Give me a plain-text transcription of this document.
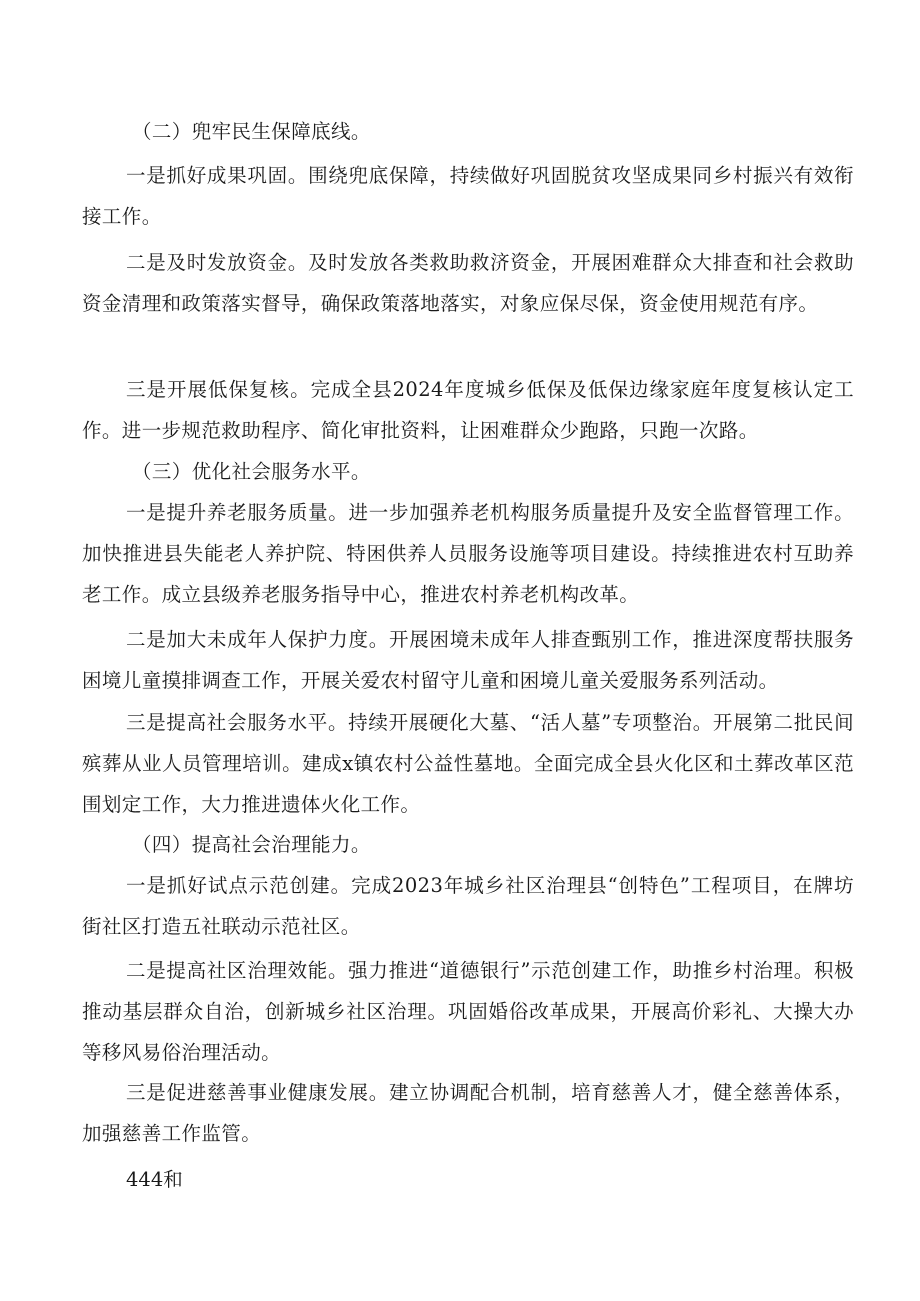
（二）兜牢民生保障底线。

一是抓好成果巩固。围绕兜底保障，持续做好巩固脱贫攻坚成果同乡村振兴有效衔接工作。

二是及时发放资金。及时发放各类救助救济资金，开展困难群众大排查和社会救助资金清理和政策落实督导，确保政策落地落实，对象应保尽保，资金使用规范有序。

三是开展低保复核。完成全县2024年度城乡低保及低保边缘家庭年度复核认定工作。进一步规范救助程序、简化审批资料，让困难群众少跑路，只跑一次路。

（三）优化社会服务水平。

一是提升养老服务质量。进一步加强养老机构服务质量提升及安全监督管理工作。加快推进县失能老人养护院、特困供养人员服务设施等项目建设。持续推进农村互助养老工作。成立县级养老服务指导中心，推进农村养老机构改革。

二是加大未成年人保护力度。开展困境未成年人排查甄别工作，推进深度帮扶服务困境儿童摸排调查工作，开展关爱农村留守儿童和困境儿童关爱服务系列活动。

三是提高社会服务水平。持续开展硬化大墓、“活人墓”专项整治。开展第二批民间殡葬从业人员管理培训。建成x镇农村公益性墓地。全面完成全县火化区和土葬改革区范围划定工作，大力推进遗体火化工作。

（四）提高社会治理能力。

一是抓好试点示范创建。完成2023年城乡社区治理县“创特色”工程项目，在牌坊街社区打造五社联动示范社区。

二是提高社区治理效能。强力推进“道德银行”示范创建工作，助推乡村治理。积极推动基层群众自治，创新城乡社区治理。巩固婚俗改革成果，开展高价彩礼、大操大办等移风易俗治理活动。

三是促进慈善事业健康发展。建立协调配合机制，培育慈善人才，健全慈善体系，加强慈善工作监管。

444和
